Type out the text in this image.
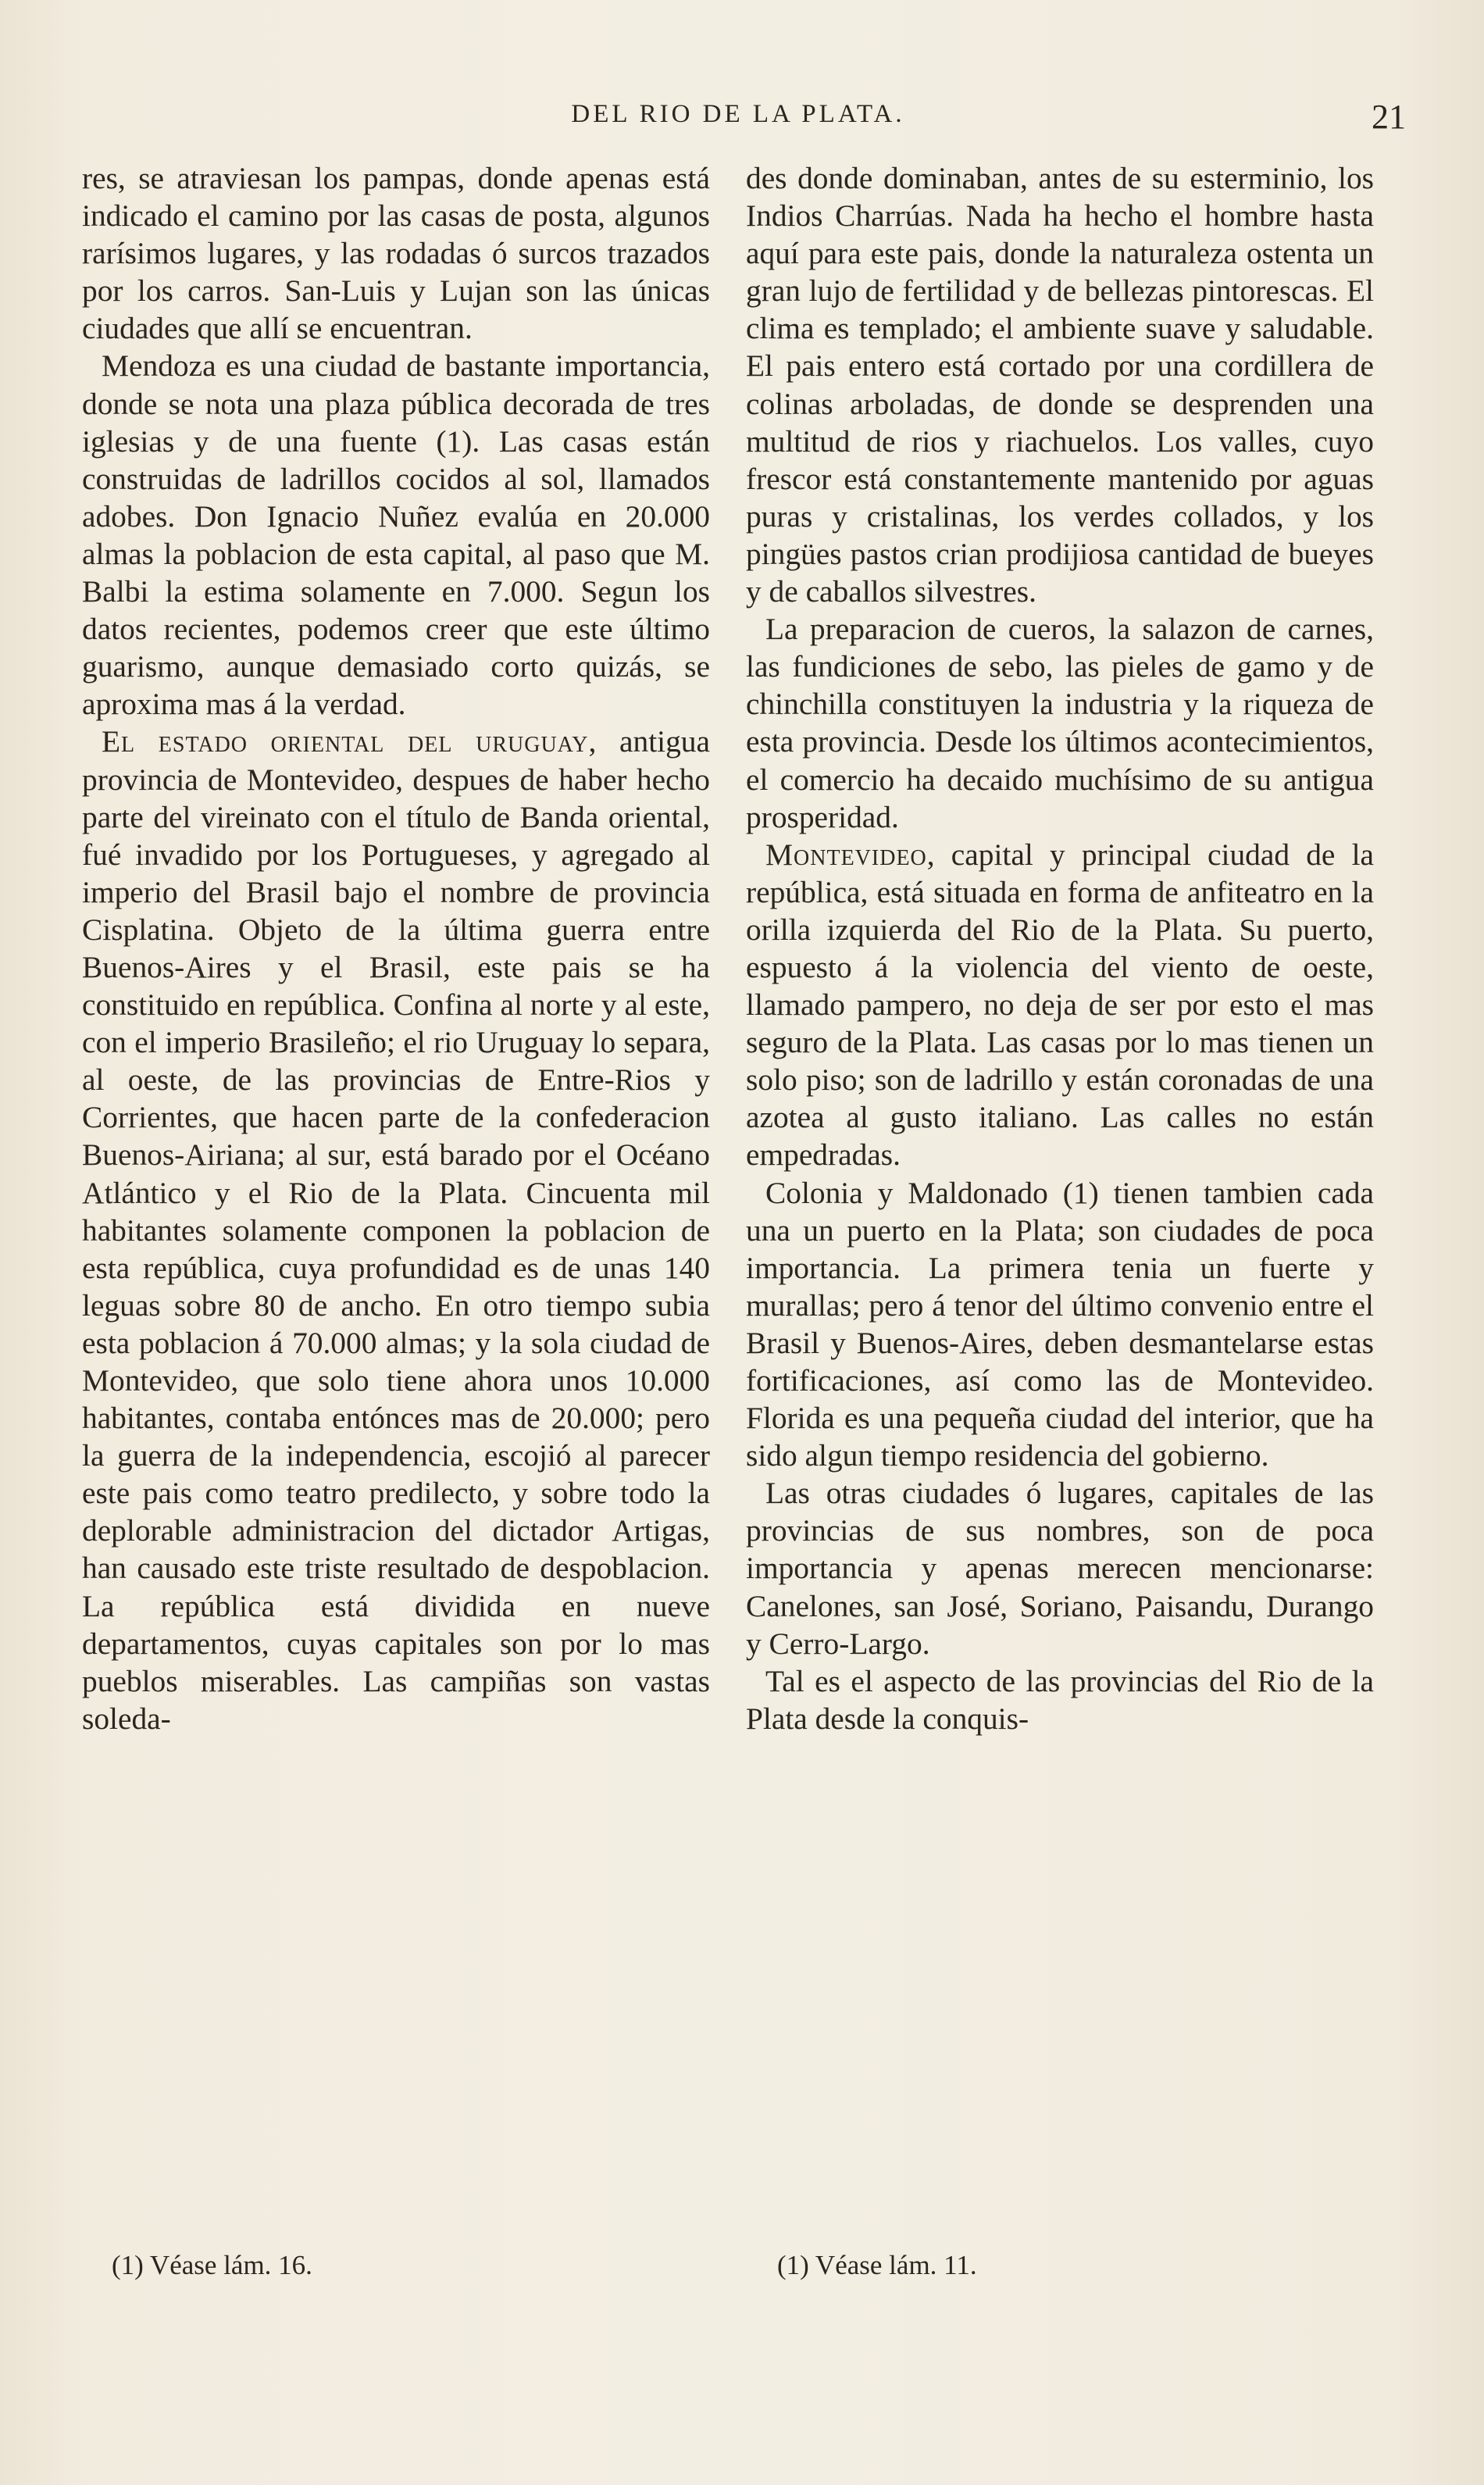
DEL RIO DE LA PLATA.	21

res, se atraviesan los pampas, donde apenas está indicado el camino por las casas de posta, algunos rarísimos lugares, y las rodadas ó surcos trazados por los carros. San-Luis y Lujan son las únicas ciudades que allí se encuentran.

Mendoza es una ciudad de bastante importancia, donde se nota una plaza pública decorada de tres iglesias y de una fuente (1). Las casas están construidas de ladrillos cocidos al sol, llamados adobes. Don Ignacio Nuñez evalúa en 20.000 almas la poblacion de esta capital, al paso que M. Balbi la estima solamente en 7.000. Segun los datos recientes, podemos creer que este último guarismo, aunque demasiado corto quizás, se aproxima mas á la verdad.

El estado oriental del uruguay, antigua provincia de Montevideo, despues de haber hecho parte del vireinato con el título de Banda oriental, fué invadido por los Portugueses, y agregado al imperio del Brasil bajo el nombre de provincia Cisplatina. Objeto de la última guerra entre Buenos-Aires y el Brasil, este pais se ha constituido en república. Confina al norte y al este, con el imperio Brasileño; el rio Uruguay lo separa, al oeste, de las provincias de Entre-Rios y Corrientes, que hacen parte de la confederacion Buenos-Airiana; al sur, está barado por el Océano Atlántico y el Rio de la Plata. Cincuenta mil habitantes solamente componen la poblacion de esta república, cuya profundidad es de unas 140 leguas sobre 80 de ancho. En otro tiempo subia esta poblacion á 70.000 almas; y la sola ciudad de Montevideo, que solo tiene ahora unos 10.000 habitantes, contaba entónces mas de 20.000; pero la guerra de la independencia, escojió al parecer este pais como teatro predilecto, y sobre todo la deplorable administracion del dictador Artigas, han causado este triste resultado de despoblacion. La república está dividida en nueve departamentos, cuyas capitales son por lo mas pueblos miserables. Las campiñas son vastas soleda-

des donde dominaban, antes de su esterminio, los Indios Charrúas. Nada ha hecho el hombre hasta aquí para este pais, donde la naturaleza ostenta un gran lujo de fertilidad y de bellezas pintorescas. El clima es templado; el ambiente suave y saludable. El pais entero está cortado por una cordillera de colinas arboladas, de donde se desprenden una multitud de rios y riachuelos. Los valles, cuyo frescor está constantemente mantenido por aguas puras y cristalinas, los verdes collados, y los pingües pastos crian prodijiosa cantidad de bueyes y de caballos silvestres.

La preparacion de cueros, la salazon de carnes, las fundiciones de sebo, las pieles de gamo y de chinchilla constituyen la industria y la riqueza de esta provincia. Desde los últimos acontecimientos, el comercio ha decaido muchísimo de su antigua prosperidad.

Montevideo, capital y principal ciudad de la república, está situada en forma de anfiteatro en la orilla izquierda del Rio de la Plata. Su puerto, espuesto á la violencia del viento de oeste, llamado pampero, no deja de ser por esto el mas seguro de la Plata. Las casas por lo mas tienen un solo piso; son de ladrillo y están coronadas de una azotea al gusto italiano. Las calles no están empedradas.

Colonia y Maldonado (1) tienen tambien cada una un puerto en la Plata; son ciudades de poca importancia. La primera tenia un fuerte y murallas; pero á tenor del último convenio entre el Brasil y Buenos-Aires, deben desmantelarse estas fortificaciones, así como las de Montevideo. Florida es una pequeña ciudad del interior, que ha sido algun tiempo residencia del gobierno.

Las otras ciudades ó lugares, capitales de las provincias de sus nombres, son de poca importancia y apenas merecen mencionarse: Canelones, san José, Soriano, Paisandu, Durango y Cerro-Largo.

Tal es el aspecto de las provincias del Rio de la Plata desde la conquis-

(1) Véase lám. 16.	(1) Véase lám. 11.
